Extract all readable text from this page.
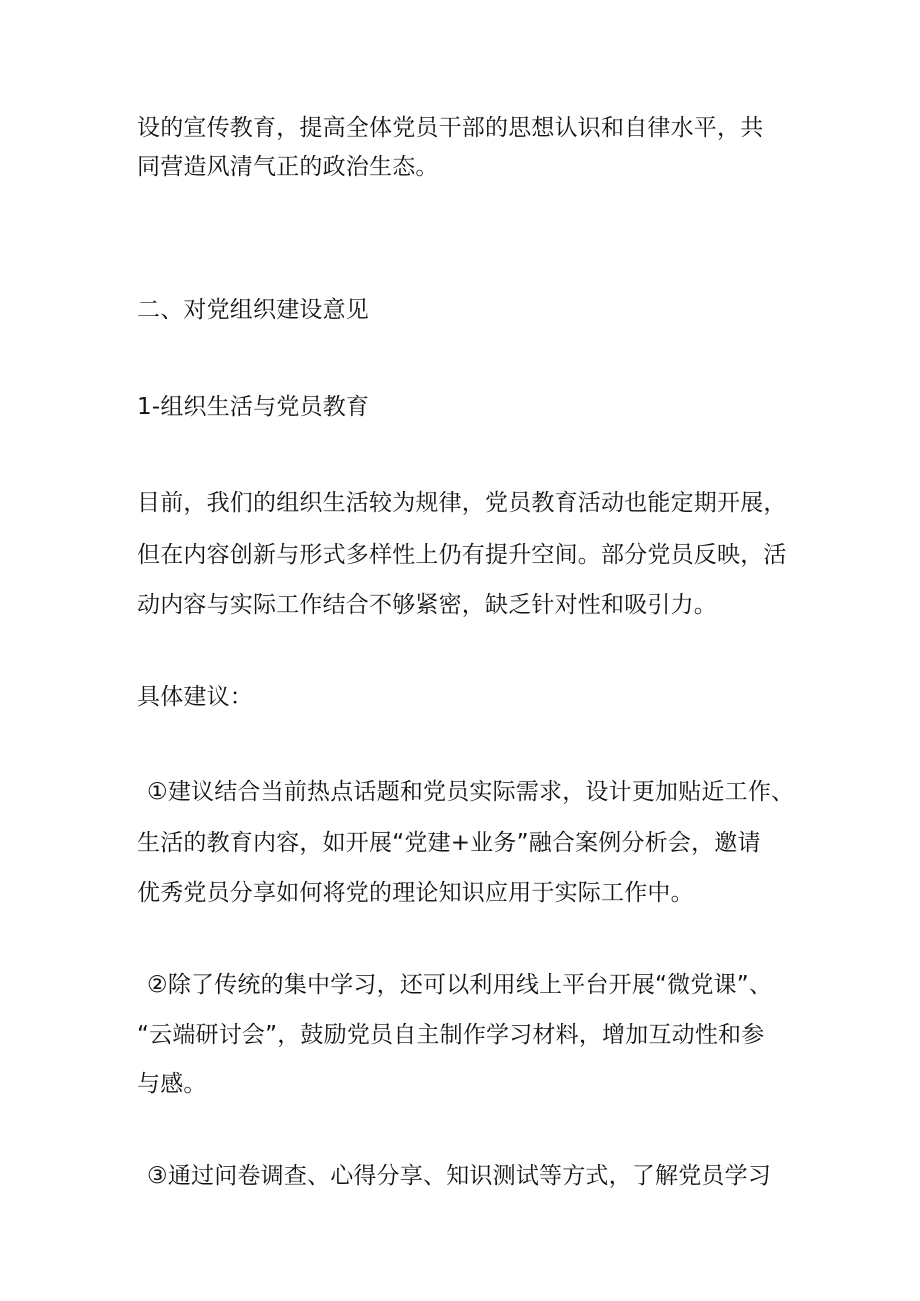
设的宣传教育，提高全体党员干部的思想认识和自律水平，共
同营造风清气正的政治生态。
二、对党组织建设意见
1-组织生活与党员教育
目前，我们的组织生活较为规律，党员教育活动也能定期开展，
但在内容创新与形式多样性上仍有提升空间。部分党员反映，活
动内容与实际工作结合不够紧密，缺乏针对性和吸引力。
具体建议：
①建议结合当前热点话题和党员实际需求，设计更加贴近工作、
生活的教育内容，如开展“党建+业务”融合案例分析会，邀请
优秀党员分享如何将党的理论知识应用于实际工作中。
②除了传统的集中学习，还可以利用线上平台开展“微党课”、
“云端研讨会”，鼓励党员自主制作学习材料，增加互动性和参
与感。
③通过问卷调查、心得分享、知识测试等方式，了解党员学习
